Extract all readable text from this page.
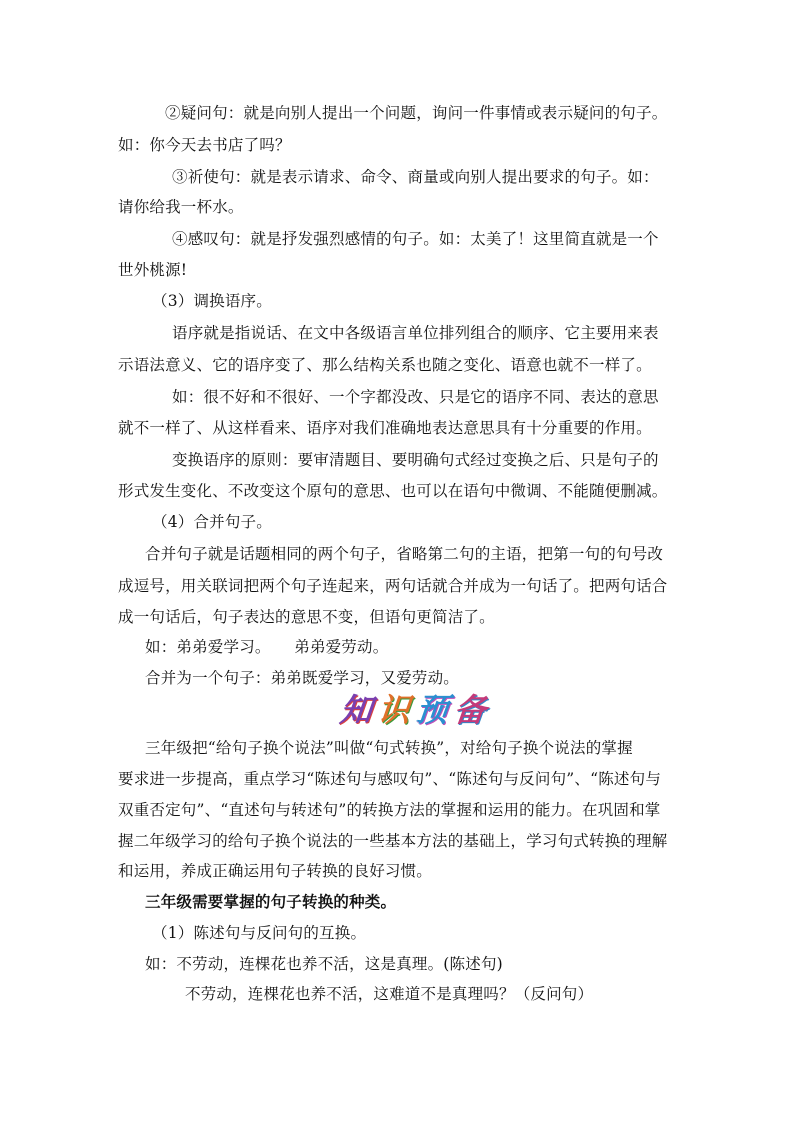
②疑问句：就是向别人提出一个问题，询问一件事情或表示疑问的句子。
如：你今天去书店了吗？
③祈使句：就是表示请求、命令、商量或向别人提出要求的句子。如：
请你给我一杯水。
④感叹句：就是抒发强烈感情的句子。如：太美了！这里简直就是一个
世外桃源!
（3）调换语序。
语序就是指说话、在文中各级语言单位排列组合的顺序、它主要用来表
示语法意义、它的语序变了、那么结构关系也随之变化、语意也就不一样了。
如：很不好和不很好、一个字都没改、只是它的语序不同、表达的意思
就不一样了、从这样看来、语序对我们准确地表达意思具有十分重要的作用。
变换语序的原则：要审清题目、要明确句式经过变换之后、只是句子的
形式发生变化、不改变这个原句的意思、也可以在语句中微调、不能随便删减。
（4）合并句子。
合并句子就是话题相同的两个句子，省略第二句的主语，把第一句的句号改
成逗号，用关联词把两个句子连起来，两句话就合并成为一句话了。把两句话合
成一句话后，句子表达的意思不变，但语句更简洁了。
如：弟弟爱学习。　　弟弟爱劳动。
合并为一个句子：弟弟既爱学习，又爱劳动。
知识预备
三年级把“给句子换个说法”叫做“句式转换”，对给句子换个说法的掌握
要求进一步提高，重点学习“陈述句与感叹句”、“陈述句与反问句”、“陈述句与
双重否定句”、“直述句与转述句”的转换方法的掌握和运用的能力。在巩固和掌
握二年级学习的给句子换个说法的一些基本方法的基础上，学习句式转换的理解
和运用，养成正确运用句子转换的良好习惯。
三年级需要掌握的句子转换的种类。
（1）陈述句与反问句的互换。
如：不劳动，连棵花也养不活，这是真理。(陈述句)
不劳动，连棵花也养不活，这难道不是真理吗？（反问句）
